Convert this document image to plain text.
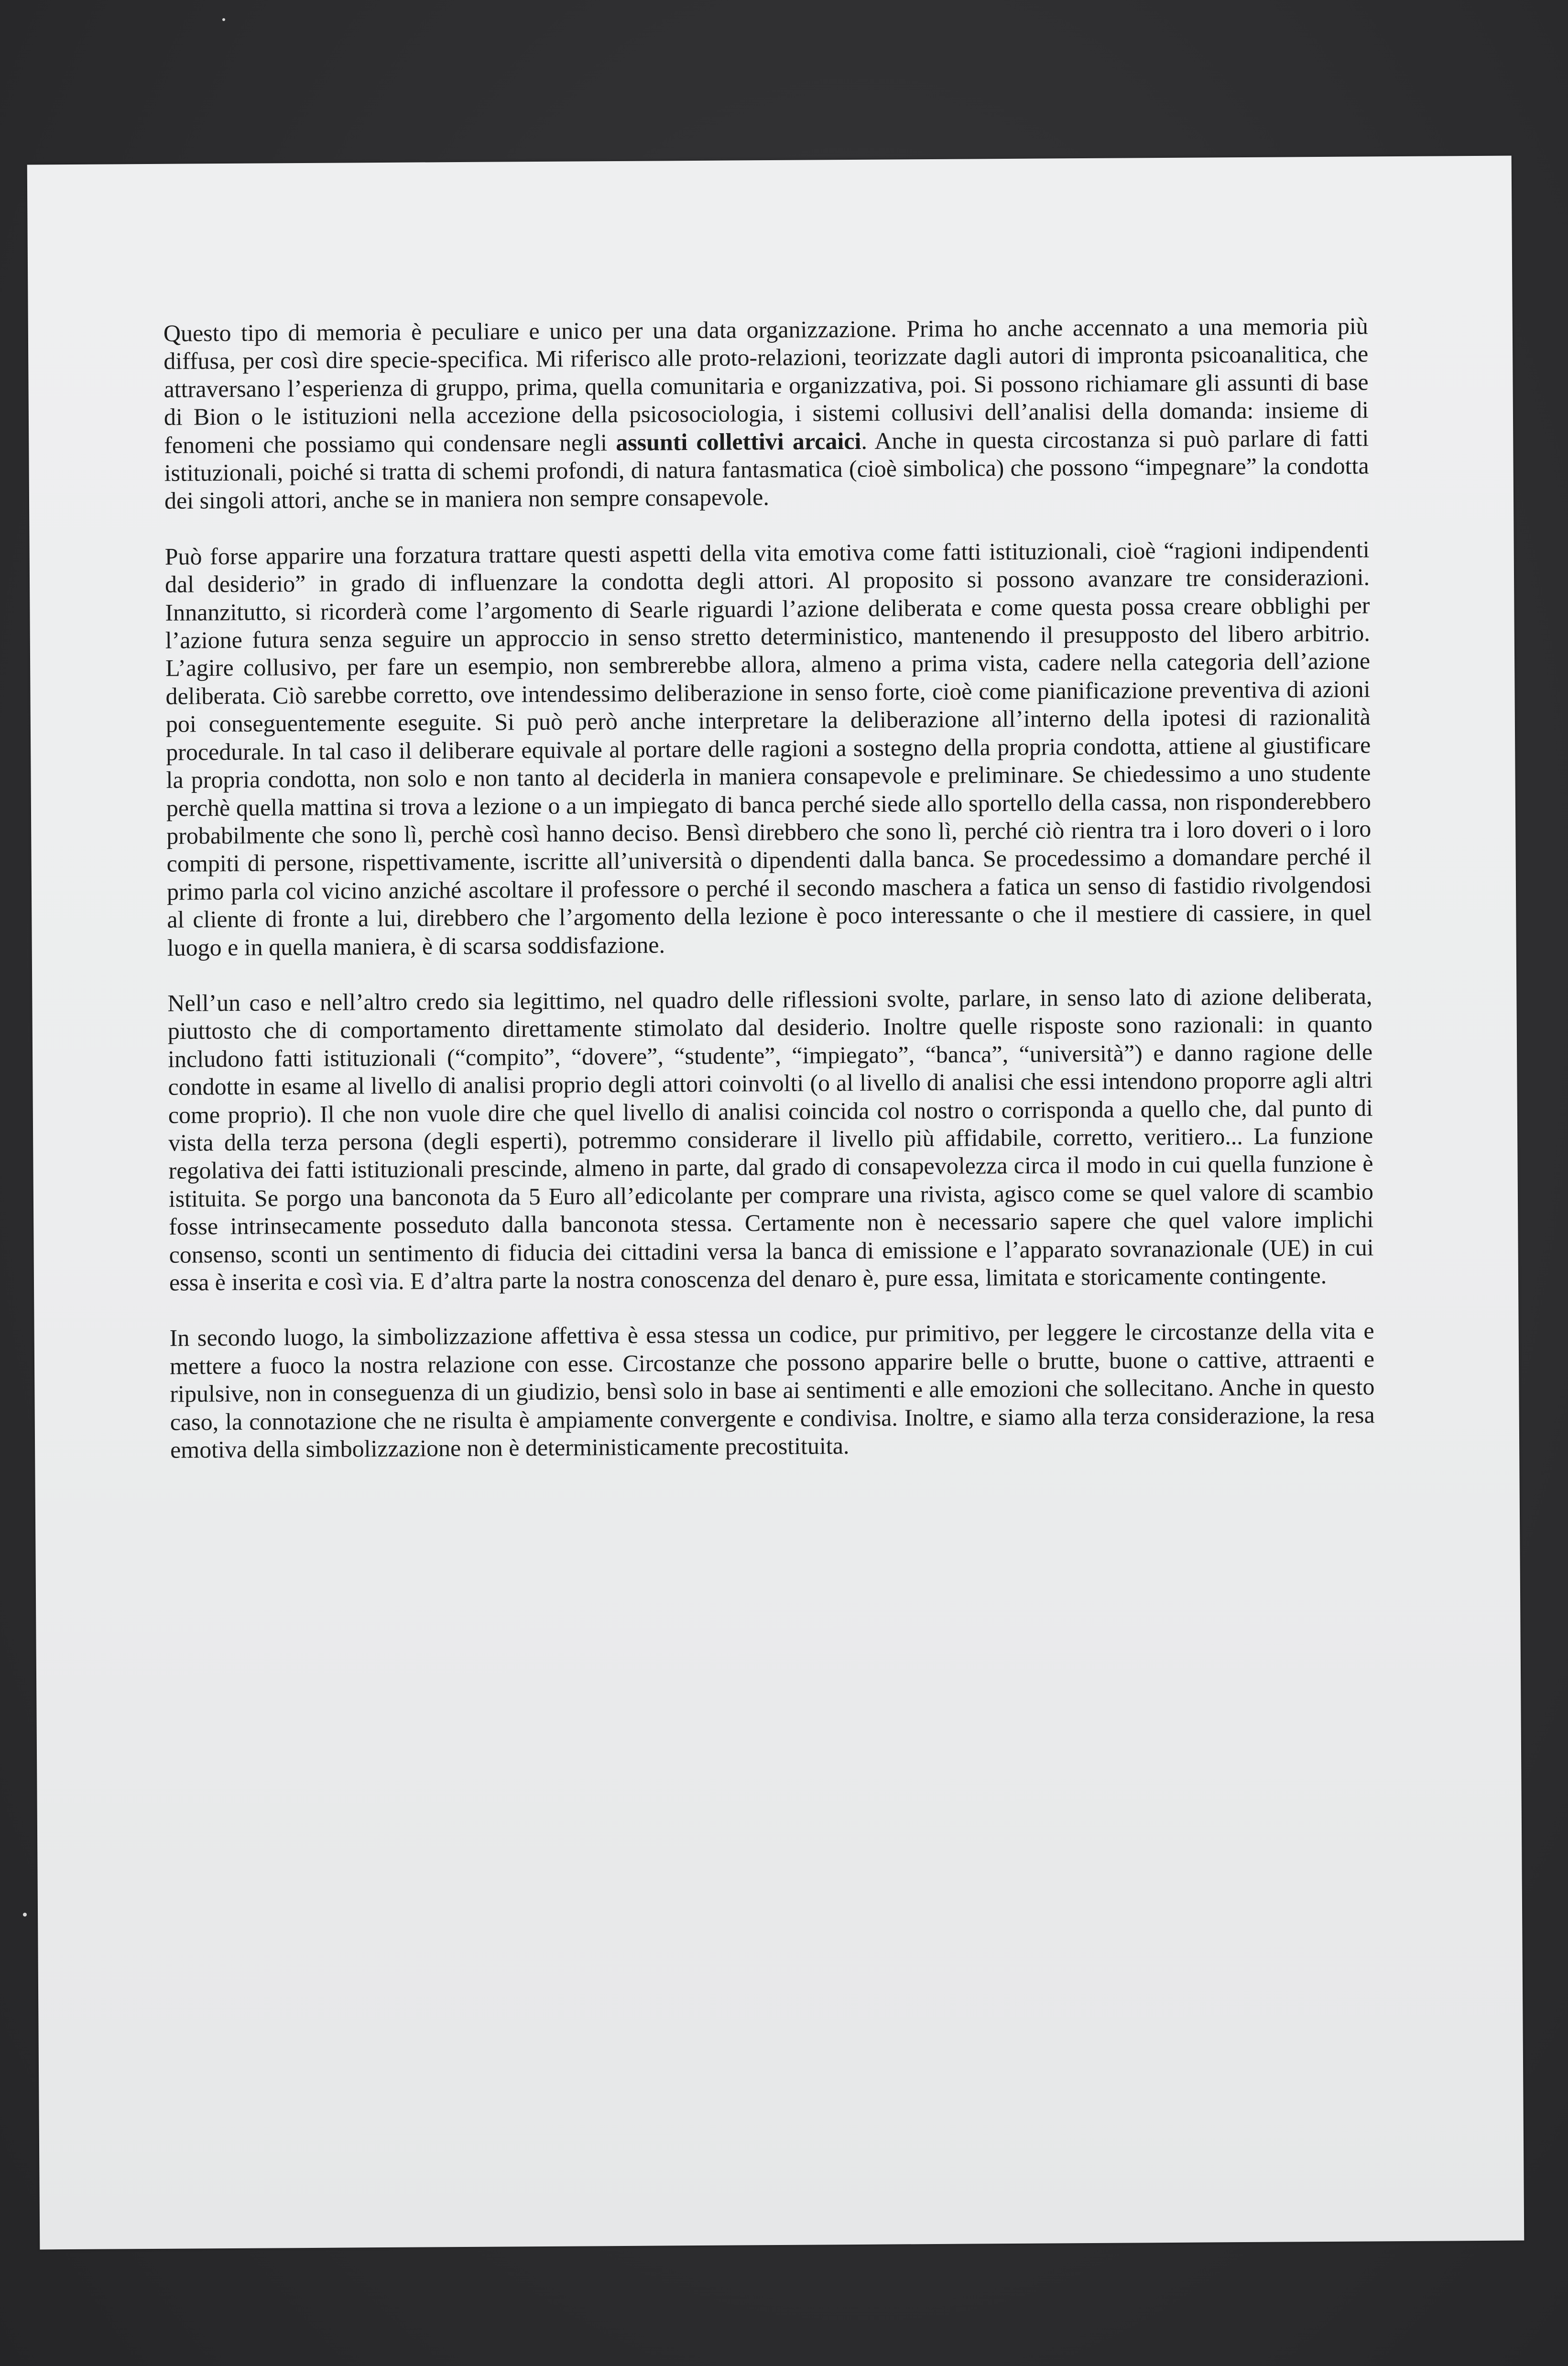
Questo tipo di memoria è peculiare e unico per una data organizzazione. Prima ho anche accennato a una memoria più diffusa, per così dire specie-specifica. Mi riferisco alle proto-relazioni, teorizzate dagli autori di impronta psicoanalitica, che attraversano l’esperienza di gruppo, prima, quella comunitaria e organizzativa, poi. Si possono richiamare gli assunti di base di Bion o le istituzioni nella accezione della psicosociologia, i sistemi collusivi dell’analisi della domanda: insieme di fenomeni che possiamo qui condensare negli assunti collettivi arcaici. Anche in questa circostanza si può parlare di fatti istituzionali, poiché si tratta di schemi profondi, di natura fantasmatica (cioè simbolica) che possono “impegnare” la condotta dei singoli attori, anche se in maniera non sempre consapevole.

Può forse apparire una forzatura trattare questi aspetti della vita emotiva come fatti istituzionali, cioè “ragioni indipendenti dal desiderio” in grado di influenzare la condotta degli attori. Al proposito si possono avanzare tre considerazioni. Innanzitutto, si ricorderà come l’argomento di Searle riguardi l’azione deliberata e come questa possa creare obblighi per l’azione futura senza seguire un approccio in senso stretto deterministico, mantenendo il presupposto del libero arbitrio. L’agire collusivo, per fare un esempio, non sembrerebbe allora, almeno a prima vista, cadere nella categoria dell’azione deliberata. Ciò sarebbe corretto, ove intendessimo deliberazione in senso forte, cioè come pianificazione preventiva di azioni poi conseguentemente eseguite. Si può però anche interpretare la deliberazione all’interno della ipotesi di razionalità procedurale. In tal caso il deliberare equivale al portare delle ragioni a sostegno della propria condotta, attiene al giustificare la propria condotta, non solo e non tanto al deciderla in maniera consapevole e preliminare. Se chiedessimo a uno studente perchè quella mattina si trova a lezione o a un impiegato di banca perché siede allo sportello della cassa, non risponderebbero probabilmente che sono lì, perchè così hanno deciso. Bensì direbbero che sono lì, perché ciò rientra tra i loro doveri o i loro compiti di persone, rispettivamente, iscritte all’università o dipendenti dalla banca. Se procedessimo a domandare perché il primo parla col vicino anziché ascoltare il professore o perché il secondo maschera a fatica un senso di fastidio rivolgendosi al cliente di fronte a lui, direbbero che l’argomento della lezione è poco interessante o che il mestiere di cassiere, in quel luogo e in quella maniera, è di scarsa soddisfazione.

Nell’un caso e nell’altro credo sia legittimo, nel quadro delle riflessioni svolte, parlare, in senso lato di azione deliberata, piuttosto che di comportamento direttamente stimolato dal desiderio. Inoltre quelle risposte sono razionali: in quanto includono fatti istituzionali (“compito”, “dovere”, “studente”, “impiegato”, “banca”, “università”) e danno ragione delle condotte in esame al livello di analisi proprio degli attori coinvolti (o al livello di analisi che essi intendono proporre agli altri come proprio). Il che non vuole dire che quel livello di analisi coincida col nostro o corrisponda a quello che, dal punto di vista della terza persona (degli esperti), potremmo considerare il livello più affidabile, corretto, veritiero... La funzione regolativa dei fatti istituzionali prescinde, almeno in parte, dal grado di consapevolezza circa il modo in cui quella funzione è istituita. Se porgo una banconota da 5 Euro all’edicolante per comprare una rivista, agisco come se quel valore di scambio fosse intrinsecamente posseduto dalla banconota stessa. Certamente non è necessario sapere che quel valore implichi consenso, sconti un sentimento di fiducia dei cittadini versa la banca di emissione e l’apparato sovranazionale (UE) in cui essa è inserita e così via. E d’altra parte la nostra conoscenza del denaro è, pure essa, limitata e storicamente contingente.

In secondo luogo, la simbolizzazione affettiva è essa stessa un codice, pur primitivo, per leggere le circostanze della vita e mettere a fuoco la nostra relazione con esse. Circostanze che possono apparire belle o brutte, buone o cattive, attraenti e ripulsive, non in conseguenza di un giudizio, bensì solo in base ai sentimenti e alle emozioni che sollecitano. Anche in questo caso, la connotazione che ne risulta è ampiamente convergente e condivisa. Inoltre, e siamo alla terza considerazione, la resa emotiva della simbolizzazione non è deterministicamente precostituita.
